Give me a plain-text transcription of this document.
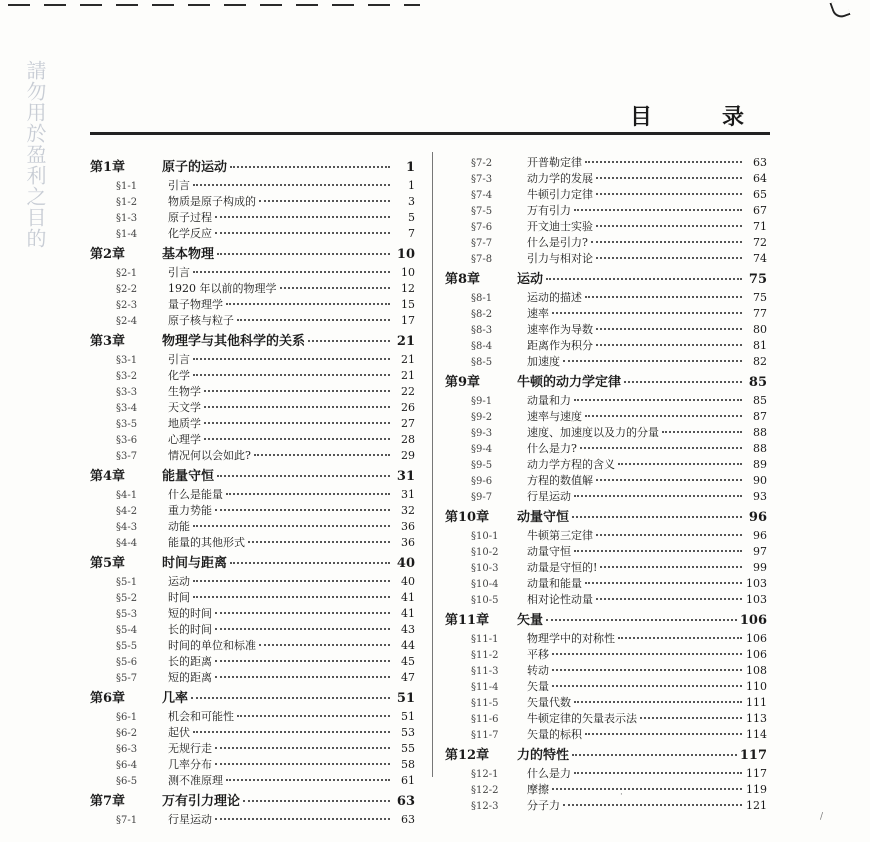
請勿用於盈利之目的	目录
第1章	原子的运动	1
§1-1	引言	1
§1-2	物质是原子构成的	3
§1-3	原子过程	5
§1-4	化学反应	7
第2章	基本物理	10
§2-1	引言	10
§2-2	1920 年以前的物理学	12
§2-3	量子物理学	15
§2-4	原子核与粒子	17
第3章	物理学与其他科学的关系	21
§3-1	引言	21
§3-2	化学	21
§3-3	生物学	22
§3-4	天文学	26
§3-5	地质学	27
§3-6	心理学	28
§3-7	情况何以会如此?	29
第4章	能量守恒	31
§4-1	什么是能量	31
§4-2	重力势能	32
§4-3	动能	36
§4-4	能量的其他形式	36
第5章	时间与距离	40
§5-1	运动	40
§5-2	时间	41
§5-3	短的时间	41
§5-4	长的时间	43
§5-5	时间的单位和标准	44
§5-6	长的距离	45
§5-7	短的距离	47
第6章	几率	51
§6-1	机会和可能性	51
§6-2	起伏	53
§6-3	无规行走	55
§6-4	几率分布	58
§6-5	测不准原理	61
第7章	万有引力理论	63
§7-1	行星运动	63
§7-2	开普勒定律	63
§7-3	动力学的发展	64
§7-4	牛顿引力定律	65
§7-5	万有引力	67
§7-6	开文迪士实验	71
§7-7	什么是引力?	72
§7-8	引力与相对论	74
第8章	运动	75
§8-1	运动的描述	75
§8-2	速率	77
§8-3	速率作为导数	80
§8-4	距离作为积分	81
§8-5	加速度	82
第9章	牛顿的动力学定律	85
§9-1	动量和力	85
§9-2	速率与速度	87
§9-3	速度、加速度以及力的分量	88
§9-4	什么是力?	88
§9-5	动力学方程的含义	89
§9-6	方程的数值解	90
§9-7	行星运动	93
第10章	动量守恒	96
§10-1	牛顿第三定律	96
§10-2	动量守恒	97
§10-3	动量是守恒的!	99
§10-4	动量和能量	103
§10-5	相对论性动量	103
第11章	矢量	106
§11-1	物理学中的对称性	106
§11-2	平移	106
§11-3	转动	108
§11-4	矢量	110
§11-5	矢量代数	111
§11-6	牛顿定律的矢量表示法	113
§11-7	矢量的标积	114
第12章	力的特性	117
§12-1	什么是力	117
§12-2	摩擦	119
§12-3	分子力	121
·
/
